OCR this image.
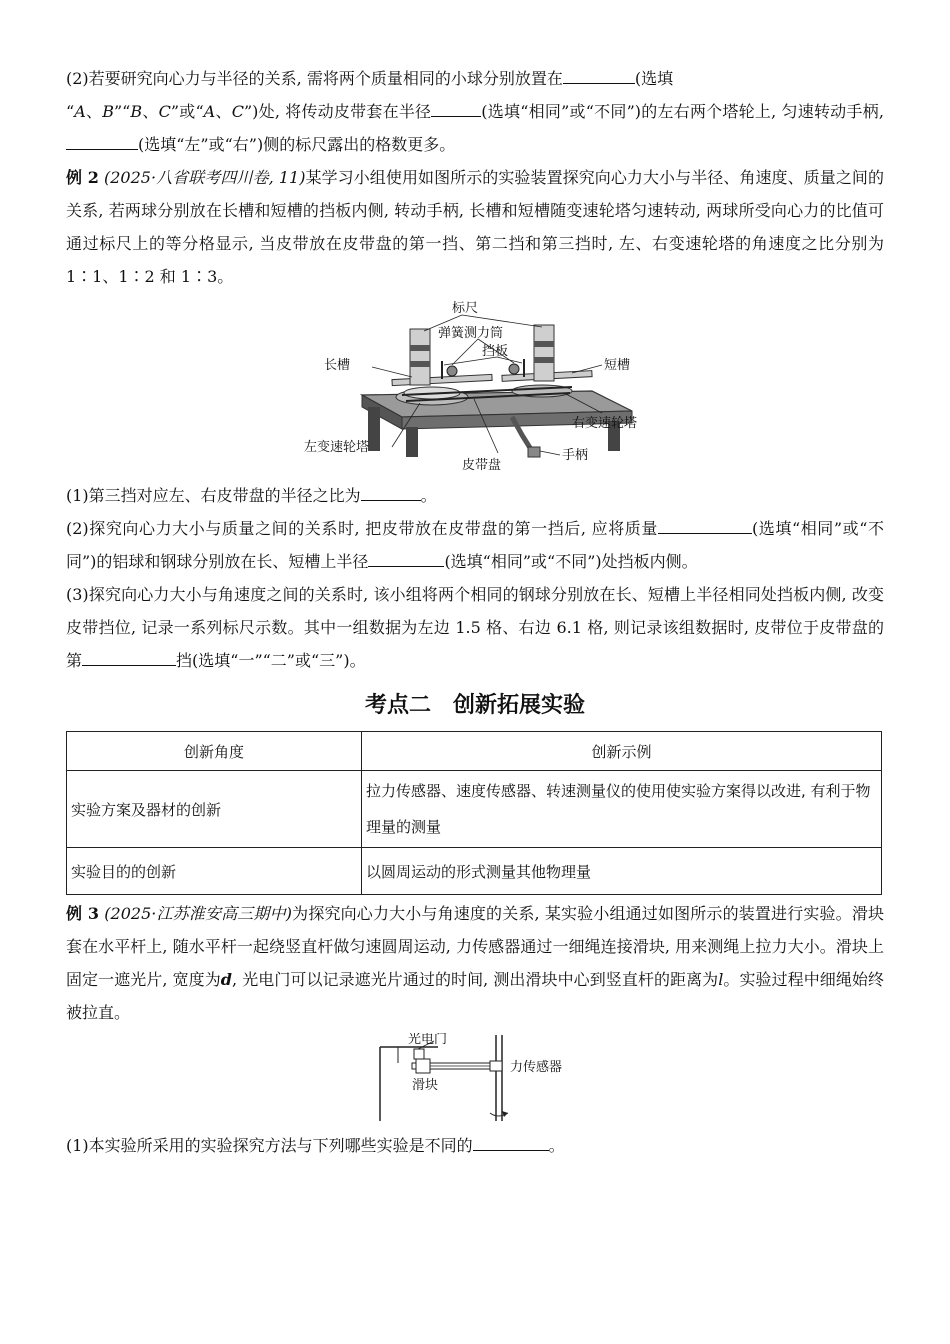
(2)若要研究向心力与半径的关系, 需将两个质量相同的小球分别放置在	(选填
“A、B”“B、C”或“A、C”)处, 将传动皮带套在半径	(选填“相同”或“不同”)的左右两个塔轮上, 匀速转动手柄,(选填“左”或“右”)侧的标尺露出的格数更多。

例 2 (2025·八省联考四川卷, 11)某学习小组使用如图所示的实验装置探究向心力大小与半径、角速度、质量之间的关系, 若两球分别放在长槽和短槽的挡板内侧, 转动手柄, 长槽和短槽随变速轮塔匀速转动, 两球所受向心力的比值可通过标尺上的等分格显示, 当皮带放在皮带盘的第一挡、第二挡和第三挡时, 左、右变速轮塔的角速度之比分别为 1∶1、1∶2 和 1∶3。

标尺
弹簧测力筒
挡板
长槽	短槽
右变速轮塔
左变速轮塔
手柄
皮带盘

(1)第三挡对应左、右皮带盘的半径之比为	。

(2)探究向心力大小与质量之间的关系时, 把皮带放在皮带盘的第一挡后, 应将质量	(选填“相同”或“不同”)的铝球和钢球分别放在长、短槽上半径	(选填“相同”或“不同”)处挡板内侧。

(3)探究向心力大小与角速度之间的关系时, 该小组将两个相同的钢球分别放在长、短槽上半径相同处挡板内侧, 改变皮带挡位, 记录一系列标尺示数。其中一组数据为左边 1.5 格、右边 6.1 格, 则记录该组数据时, 皮带位于皮带盘的第	挡(选填“一”“二”或“三”)。

考点二　创新拓展实验
创新角度	创新示例
实验方案及器材的创新	拉力传感器、速度传感器、转速测量仪的使用使实验方案得以改进, 有利于物理量的测量
实验目的的创新	以圆周运动的形式测量其他物理量

例 3 (2025·江苏淮安高三期中)为探究向心力大小与角速度的关系, 某实验小组通过如图所示的装置进行实验。滑块套在水平杆上, 随水平杆一起绕竖直杆做匀速圆周运动, 力传感器通过一细绳连接滑块, 用来测绳上拉力大小。滑块上固定一遮光片, 宽度为d, 光电门可以记录遮光片通过的时间, 测出滑块中心到竖直杆的距离为l。实验过程中细绳始终被拉直。

光电门
力传感器
滑块

(1)本实验所采用的实验探究方法与下列哪些实验是不同的	。
